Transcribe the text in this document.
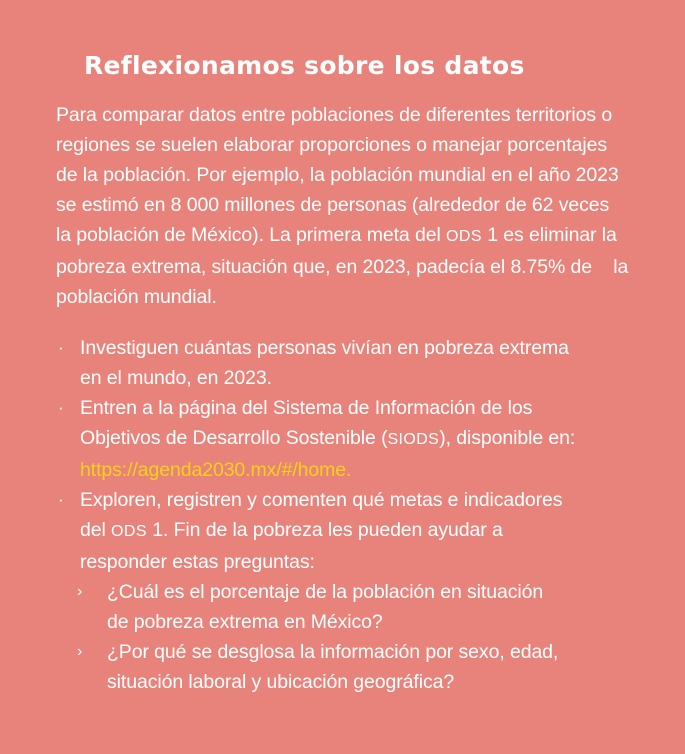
Reflexionamos sobre los datos
Para comparar datos entre poblaciones de diferentes territorios o
regiones se suelen elaborar proporciones o manejar porcentajes
de la población. Por ejemplo, la población mundial en el año 2023
se estimó en 8 000 millones de personas (alrededor de 62 veces
la población de México). La primera meta del ODS 1 es eliminar la
pobreza extrema, situación que, en 2023, padecía el 8.75% de    la
población mundial.
· Investiguen cuántas personas vivían en pobreza extrema
en el mundo, en 2023.
· Entren a la página del Sistema de Información de los
Objetivos de Desarrollo Sostenible (SIODS), disponible en:
https://agenda2030.mx/#/home.
· Exploren, registren y comenten qué metas e indicadores
del ODS 1. Fin de la pobreza les pueden ayudar a
responder estas preguntas:
› ¿Cuál es el porcentaje de la población en situación
de pobreza extrema en México?
› ¿Por qué se desglosa la información por sexo, edad,
situación laboral y ubicación geográfica?
